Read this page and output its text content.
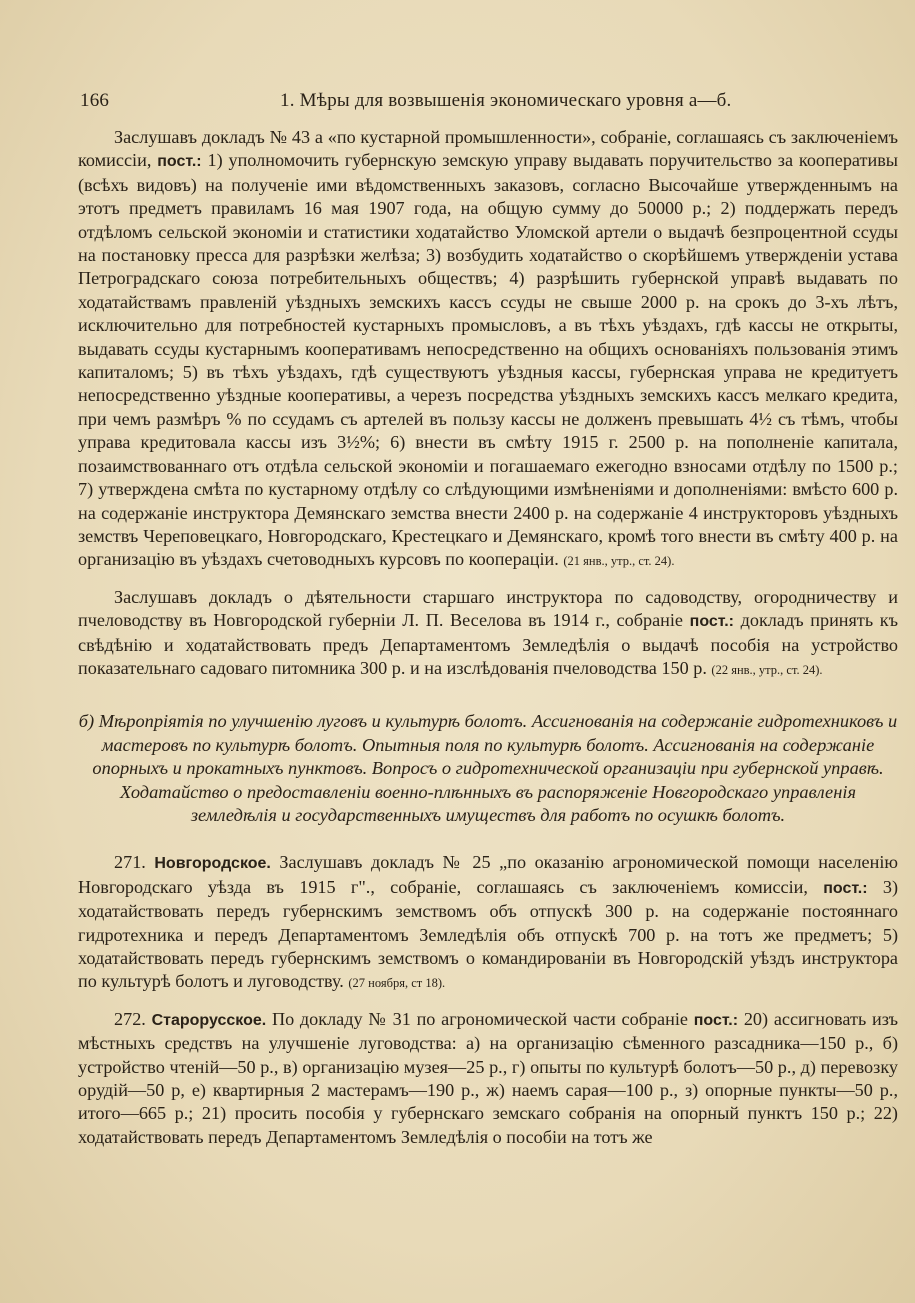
166	1. Мѣры для возвышенія экономическаго уровня а—б.

Заслушавъ докладъ № 43 а «по кустарной промышленности», собраніе, соглашаясь съ заключеніемъ комиссіи, пост.: 1) уполномочить губернскую земскую управу выдавать поручительство за кооперативы (всѣхъ видовъ) на полученіе ими вѣдомственныхъ заказовъ, согласно Высочайше утвержденнымъ на этотъ предметъ правиламъ 16 мая 1907 года, на общую сумму до 50000 р.; 2) поддержать передъ отдѣломъ сельской экономіи и статистики ходатайство Уломской артели о выдачѣ безпроцентной ссуды на постановку пресса для разрѣзки желѣза; 3) возбудить ходатайство о скорѣйшемъ утвержденіи устава Петроградскаго союза потребительныхъ обществъ; 4) разрѣшить губернской управѣ выдавать по ходатайствамъ правленій уѣздныхъ земскихъ кассъ ссуды не свыше 2000 р. на срокъ до 3-хъ лѣтъ, исключительно для потребностей кустарныхъ промысловъ, а въ тѣхъ уѣздахъ, гдѣ кассы не открыты, выдавать ссуды кустарнымъ кооперативамъ непосредственно на общихъ основаніяхъ пользованія этимъ капиталомъ; 5) въ тѣхъ уѣздахъ, гдѣ существуютъ уѣздныя кассы, губернская управа не кредитуетъ непосредственно уѣздные кооперативы, а черезъ посредства уѣздныхъ земскихъ кассъ мелкаго кредита, при чемъ размѣръ % по ссудамъ съ артелей въ пользу кассы не долженъ превышать 4½ съ тѣмъ, чтобы управа кредитовала кассы изъ 3½%; 6) внести въ смѣту 1915 г. 2500 р. на пополненіе капитала, позаимствованнаго отъ отдѣла сельской экономіи и погашаемаго ежегодно взносами отдѣлу по 1500 р.; 7) утверждена смѣта по кустарному отдѣлу со слѣдующими измѣненіями и дополненіями: вмѣсто 600 р. на содержаніе инструктора Демянскаго земства внести 2400 р. на содержаніе 4 инструкторовъ уѣздныхъ земствъ Череповецкаго, Новгородскаго, Крестецкаго и Демянскаго, кромѣ того внести въ смѣту 400 р. на организацію въ уѣздахъ счетоводныхъ курсовъ по коопераціи. (21 янв., утр., ст. 24).

Заслушавъ докладъ о дѣятельности старшаго инструктора по садоводству, огородничеству и пчеловодству въ Новгородской губерніи Л. П. Веселова въ 1914 г., собраніе пост.: докладъ принять къ свѣдѣнію и ходатайствовать предъ Департаментомъ Земледѣлія о выдачѣ пособія на устройство показательнаго садоваго питомника 300 р. и на изслѣдованія пчеловодства 150 р. (22 янв., утр., ст. 24).

б) Мѣропріятія по улучшенію луговъ и культурѣ болотъ. Ассигнованія на содержаніе гидротехниковъ и мастеровъ по культурѣ болотъ. Опытныя поля по культурѣ болотъ. Ассигнованія на содержаніе опорныхъ и прокатныхъ пунктовъ. Вопросъ о гидротехнической организаціи при губернской управѣ. Ходатайство о предоставленіи военно-плѣнныхъ въ распоряженіе Новгородскаго управленія земледѣлія и государственныхъ имуществъ для работъ по осушкѣ болотъ.

271. Новгородское. Заслушавъ докладъ № 25 „по оказанію агрономической помощи населенію Новгородскаго уѣзда въ 1915 г"., собраніе, соглашаясь съ заключеніемъ комиссіи, пост.: 3) ходатайствовать передъ губернскимъ земствомъ объ отпускѣ 300 р. на содержаніе постояннаго гидротехника и передъ Департаментомъ Земледѣлія объ отпускѣ 700 р. на тотъ же предметъ; 5) ходатайствовать передъ губернскимъ земствомъ о командированіи въ Новгородскій уѣздъ инструктора по культурѣ болотъ и луговодству. (27 ноября, ст 18).

272. Старорусское. По докладу № 31 по агрономической части собраніе пост.: 20) ассигновать изъ мѣстныхъ средствъ на улучшеніе луговодства: а) на организацію сѣменного разсадника—150 р., б) устройство чтеній—50 р., в) организацію музея—25 р., г) опыты по культурѣ болотъ—50 р., д) перевозку орудій—50 р, е) квартирныя 2 мастерамъ—190 р., ж) наемъ сарая—100 р., з) опорные пункты—50 р., итого—665 р.; 21) просить пособія у губернскаго земскаго собранія на опорный пунктъ 150 р.; 22) ходатайствовать передъ Департаментомъ Земледѣлія о пособіи на тотъ же
